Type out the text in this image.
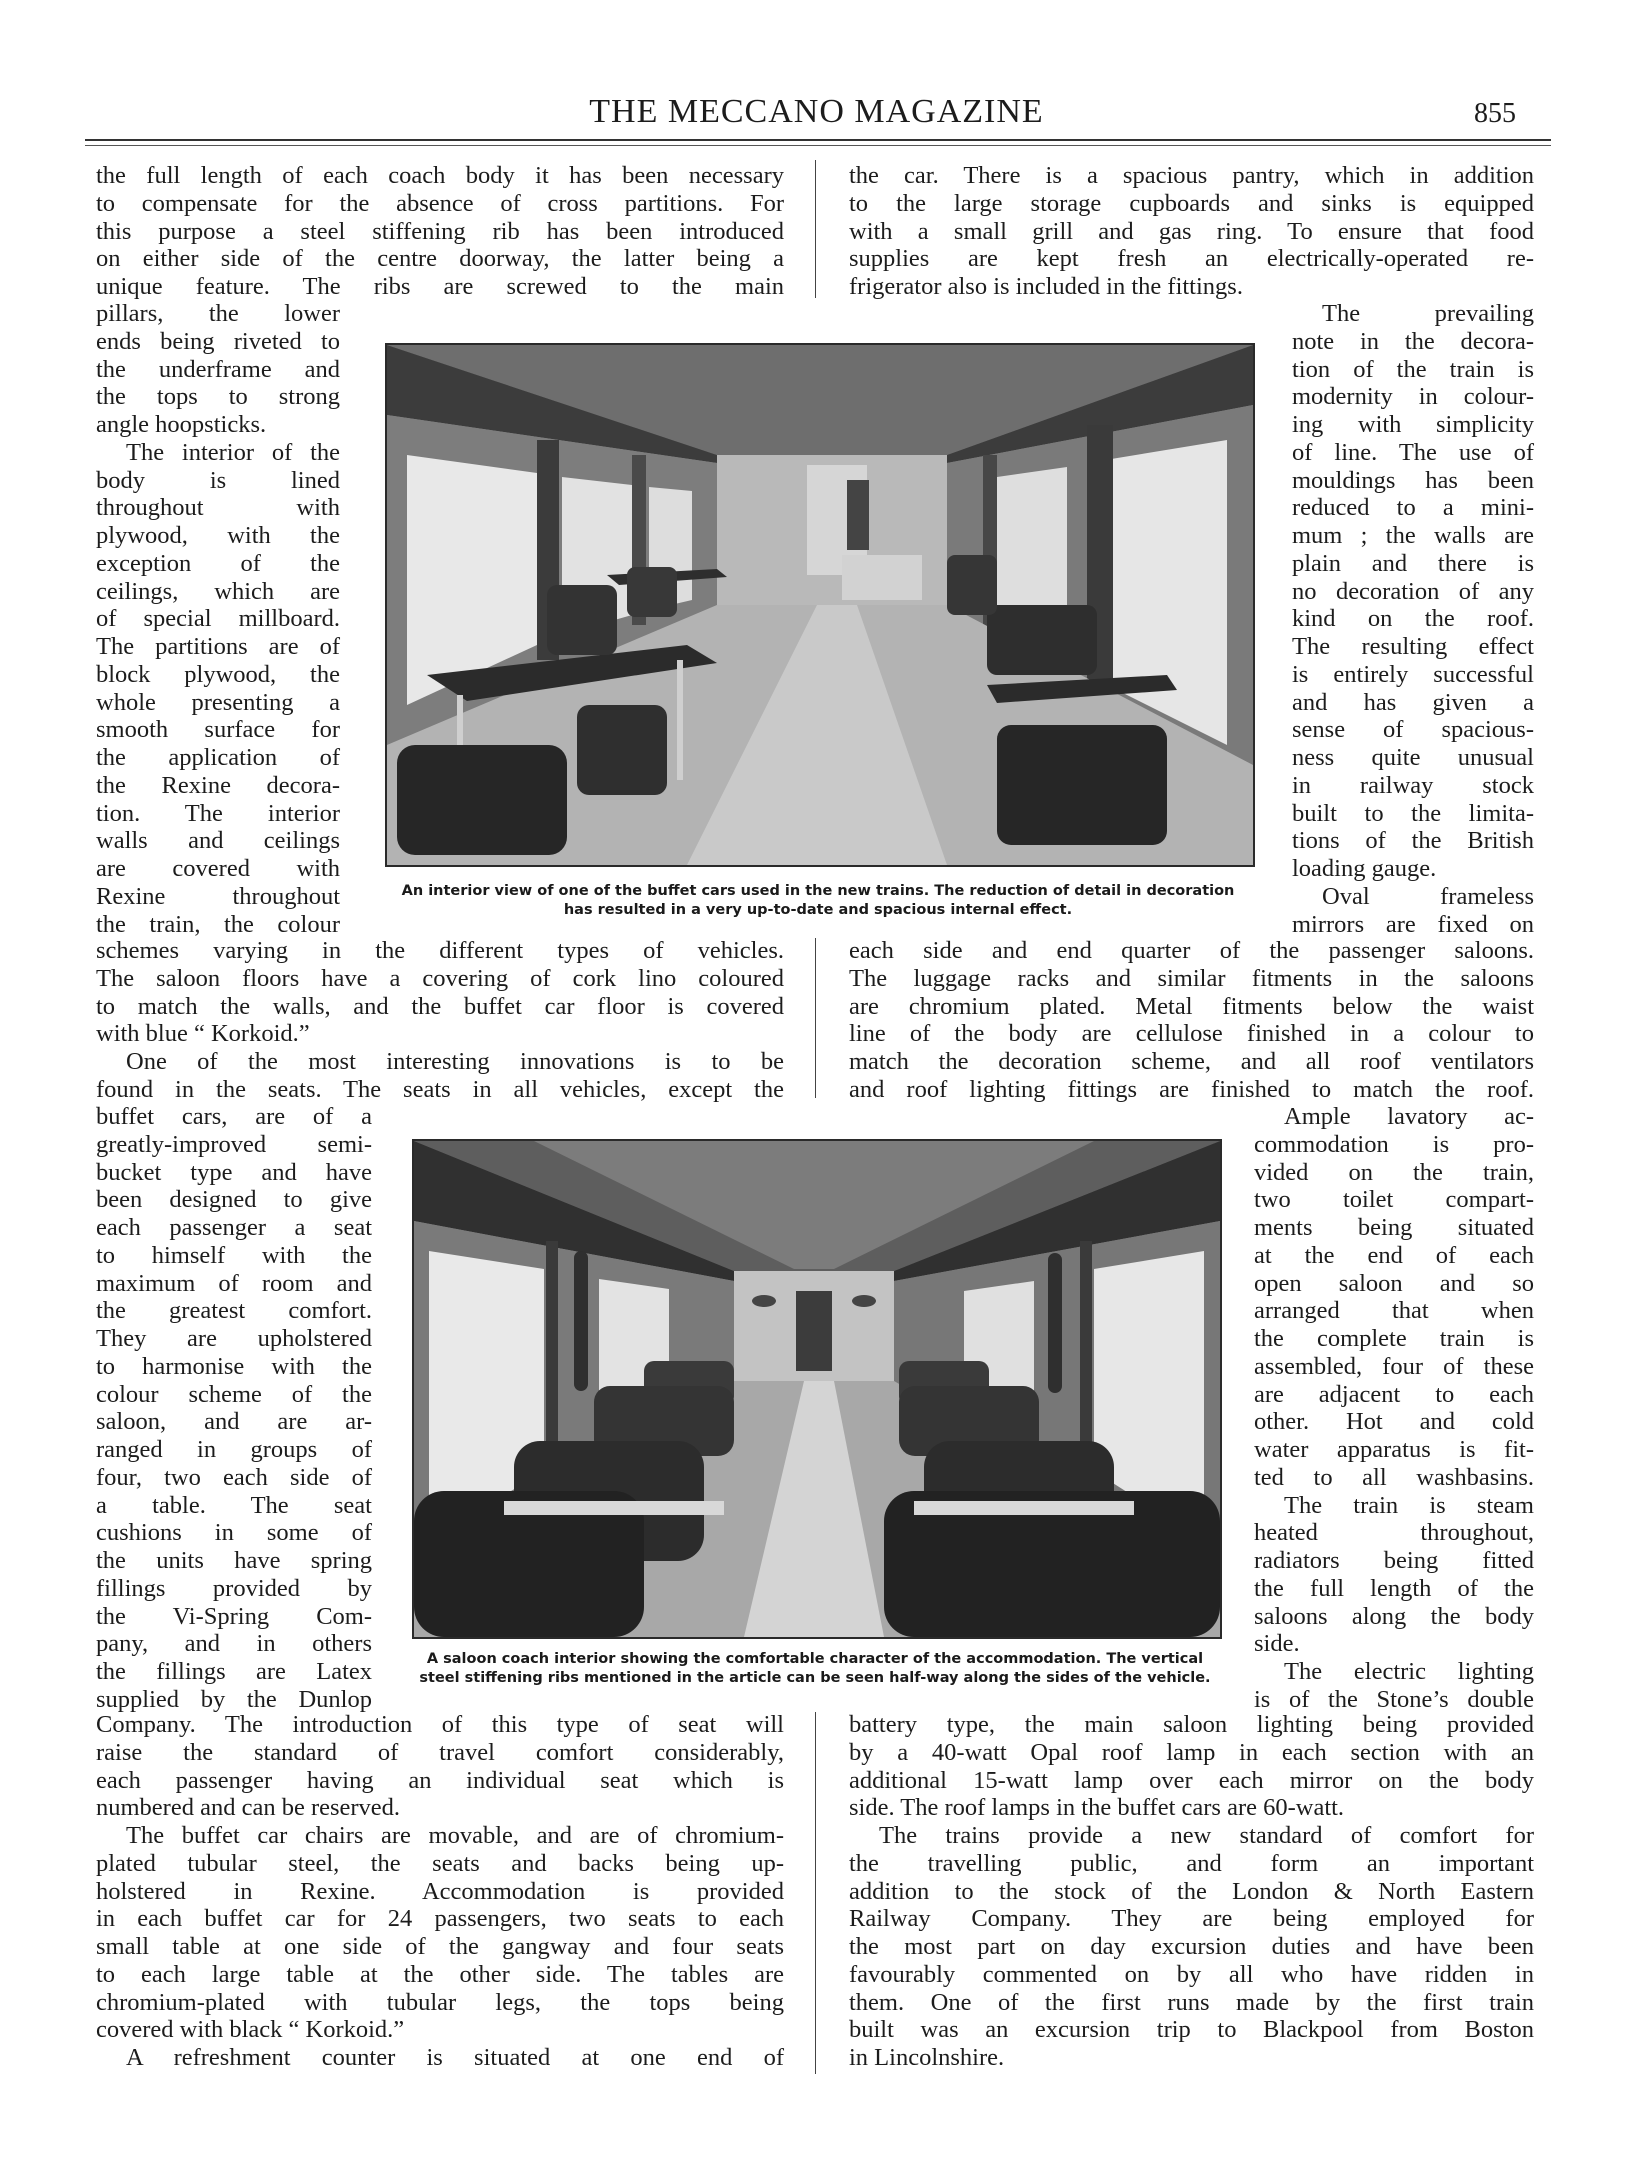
THE MECCANO MAGAZINE	855

the full length of each coach body it has been necessary

to compensate for the absence of cross partitions. For

this purpose a steel stiffening rib has been introduced

on either side of the centre doorway, the latter being a

unique feature. The ribs are screwed to the main

the car. There is a spacious pantry, which in addition

to the large storage cupboards and sinks is equipped

with a small grill and gas ring. To ensure that food

supplies are kept fresh an electrically-operated re-

frigerator also is included in the fittings.

pillars, the lower

ends being riveted to

the underframe and

the tops to strong

angle hoopsticks.

The interior of the

body is lined

throughout with

plywood, with the

exception of the

ceilings, which are

of special millboard.

The partitions are of

block plywood, the

whole presenting a

smooth surface for

the application of

the Rexine decora-

tion. The interior

walls and ceilings

are covered with

Rexine throughout

the train, the colour

The prevailing

note in the decora-

tion of the train is

modernity in colour-

ing with simplicity

of line. The use of

mouldings has been

reduced to a mini-

mum ; the walls are

plain and there is

no decoration of any

kind on the roof.

The resulting effect

is entirely successful

and has given a

sense of spacious-

ness quite unusual

in railway stock

built to the limita-

tions of the British

loading gauge.

Oval frameless

mirrors are fixed on

An interior view of one of the buffet cars used in the new trains. The reduction of detail in decoration
has resulted in a very up-to-date and spacious internal effect.

schemes varying in the different types of vehicles.

The saloon floors have a covering of cork lino coloured

to match the walls, and the buffet car floor is covered

with blue “ Korkoid.”

One of the most interesting innovations is to be

found in the seats. The seats in all vehicles, except the

each side and end quarter of the passenger saloons.

The luggage racks and similar fitments in the saloons

are chromium plated. Metal fitments below the waist

line of the body are cellulose finished in a colour to

match the decoration scheme, and all roof ventilators

and roof lighting fittings are finished to match the roof.

buffet cars, are of a

greatly-improved semi-

bucket type and have

been designed to give

each passenger a seat

to himself with the

maximum of room and

the greatest comfort.

They are upholstered

to harmonise with the

colour scheme of the

saloon, and are ar-

ranged in groups of

four, two each side of

a table. The seat

cushions in some of

the units have spring

fillings provided by

the Vi-Spring Com-

pany, and in others

the fillings are Latex

supplied by the Dunlop

Ample lavatory ac-

commodation is pro-

vided on the train,

two toilet compart-

ments being situated

at the end of each

open saloon and so

arranged that when

the complete train is

assembled, four of these

are adjacent to each

other. Hot and cold

water apparatus is fit-

ted to all washbasins.

The train is steam

heated throughout,

radiators being fitted

the full length of the

saloons along the body

side.

The electric lighting

is of the Stone’s double

A saloon coach interior showing the comfortable character of the accommodation. The vertical
steel stiffening ribs mentioned in the article can be seen half-way along the sides of the vehicle.

Company. The introduction of this type of seat will

raise the standard of travel comfort considerably,

each passenger having an individual seat which is

numbered and can be reserved.

The buffet car chairs are movable, and are of chromium-

plated tubular steel, the seats and backs being up-

holstered in Rexine. Accommodation is provided

in each buffet car for 24 passengers, two seats to each

small table at one side of the gangway and four seats

to each large table at the other side. The tables are

chromium-plated with tubular legs, the tops being

covered with black “ Korkoid.”

A refreshment counter is situated at one end of

battery type, the main saloon lighting being provided

by a 40-watt Opal roof lamp in each section with an

additional 15-watt lamp over each mirror on the body

side. The roof lamps in the buffet cars are 60-watt.

The trains provide a new standard of comfort for

the travelling public, and form an important

addition to the stock of the London & North Eastern

Railway Company. They are being employed for

the most part on day excursion duties and have been

favourably commented on by all who have ridden in

them. One of the first runs made by the first train

built was an excursion trip to Blackpool from Boston

in Lincolnshire.
